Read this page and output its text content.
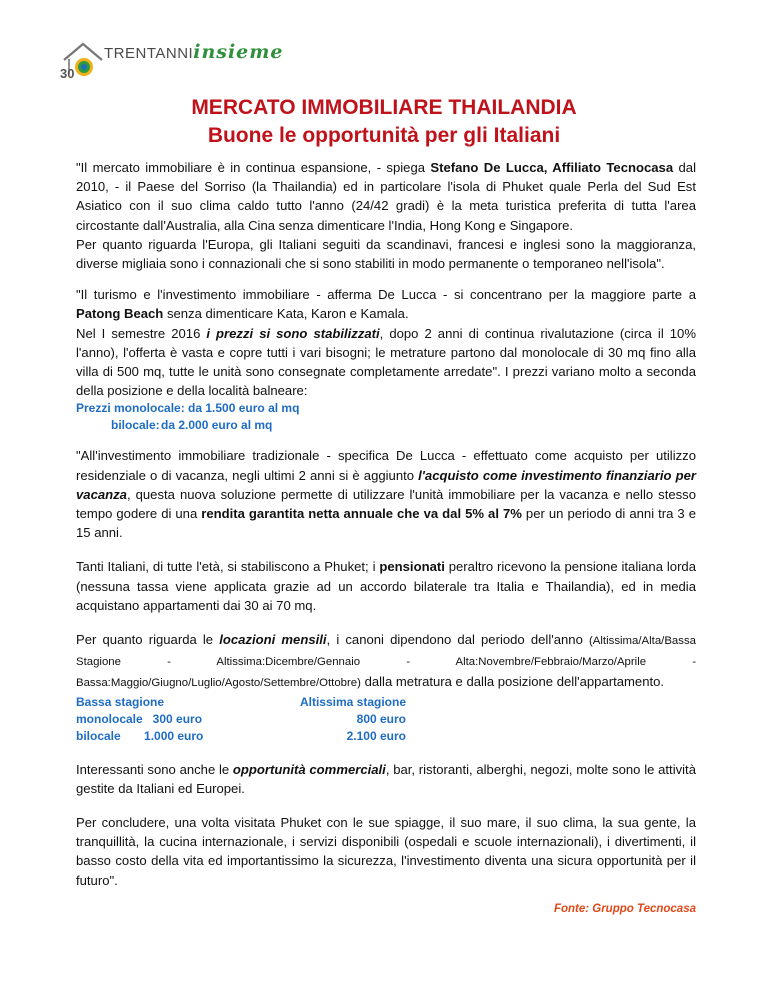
30
TRENTANNIinsieme
MERCATO IMMOBILIARE THAILANDIA
Buone le opportunità per gli Italiani

"Il mercato immobiliare è in continua espansione, - spiega Stefano De Lucca, Affiliato Tecnocasa dal 2010, - il Paese del Sorriso (la Thailandia) ed in particolare l'isola di Phuket quale Perla del Sud Est Asiatico con il suo clima caldo tutto l'anno (24/42 gradi) è la meta turistica preferita di tutta l'area circostante dall'Australia, alla Cina senza dimenticare l'India, Hong Kong e Singapore.

Per quanto riguarda l'Europa, gli Italiani seguiti da scandinavi, francesi e inglesi sono la maggioranza, diverse migliaia sono i connazionali che si sono stabiliti in modo permanente o temporaneo nell'isola".

"Il turismo e l'investimento immobiliare - afferma De Lucca - si concentrano per la maggiore parte a Patong Beach senza dimenticare Kata, Karon e Kamala.

Nel I semestre 2016 i prezzi si sono stabilizzati, dopo 2 anni di continua rivalutazione (circa il 10% l'anno), l'offerta è vasta e copre tutti i vari bisogni; le metrature partono dal monolocale di 30 mq fino alla villa di 500 mq, tutte le unità sono consegnate completamente arredate". I prezzi variano molto a seconda della posizione e della località balneare:

Prezzi monolocale: da 1.500 euro al mq
bilocale:da 2.000 euro al mq

"All'investimento immobiliare tradizionale - specifica De Lucca - effettuato come acquisto per utilizzo residenziale o di vacanza, negli ultimi 2 anni si è aggiunto l'acquisto come investimento finanziario per vacanza, questa nuova soluzione permette di utilizzare l'unità immobiliare per la vacanza e nello stesso tempo godere di una rendita garantita netta annuale che va dal 5% al 7% per un periodo di anni tra 3 e 15 anni.

Tanti Italiani, di tutte l'età, si stabiliscono a Phuket; i pensionati peraltro ricevono la pensione italiana lorda (nessuna tassa viene applicata grazie ad un accordo bilaterale tra Italia e Thailandia), ed in media acquistano appartamenti dai 30 ai 70 mq.

Per quanto riguarda le locazioni mensili, i canoni dipendono dal periodo dell'anno (Altissima/Alta/Bassa Stagione - Altissima:Dicembre/Gennaio - Alta:Novembre/Febbraio/Marzo/Aprile - Bassa:Maggio/Giugno/Luglio/Agosto/Settembre/Ottobre) dalla metratura e dalla posizione dell'appartamento.

Bassa stagione	Altissima stagione
monolocale   300 euro	800 euro
bilocale       1.000 euro	2.100 euro

Interessanti sono anche le opportunità commerciali, bar, ristoranti, alberghi, negozi, molte sono le attività gestite da Italiani ed Europei.

Per concludere, una volta visitata Phuket con le sue spiagge, il suo mare, il suo clima, la sua gente, la tranquillità, la cucina internazionale, i servizi disponibili (ospedali e scuole internazionali), i divertimenti, il basso costo della vita ed importantissimo la sicurezza, l'investimento diventa una sicura opportunità per il futuro".

Fonte: Gruppo Tecnocasa
